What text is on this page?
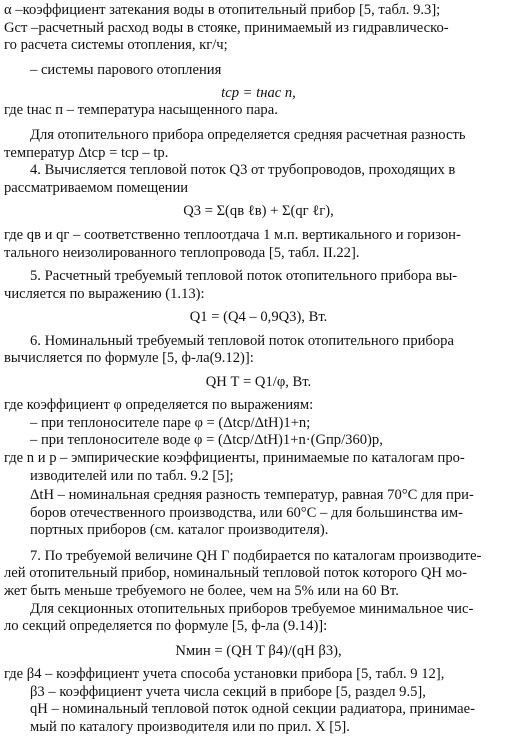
α –коэффициент затекания воды в отопительный прибор [5, табл. 9.3];
Gст –расчетный расход воды в стояке, принимаемый из гидравлическо-
го расчета системы отопления, кг/ч;
– системы парового отопления
tср = tнас п,
где tнас п – температура насыщенного пара.
Для отопительного прибора определяется средняя расчетная разность
температур Δtср = tср – tр.
4. Вычисляется тепловой поток Q3 от трубопроводов, проходящих в
рассматриваемом помещении
Q3 = Σ(qв ℓв) + Σ(qг ℓг),
где qв и qг – соответственно теплоотдача 1 м.п. вертикального и горизон-
тального неизолированного теплопровода [5, табл. II.22].
5. Расчетный требуемый тепловой поток отопительного прибора вы-
числяется по выражению (1.13):
Q1 = (Q4 – 0,9Q3), Вт.
6. Номинальный требуемый тепловой поток отопительного прибора
вычисляется по формуле [5, ф-ла(9.12)]:
QН Т = Q1/φ, Вт.
где коэффициент φ определяется по выражениям:
– при теплоносителе паре φ = (Δtср/ΔtН)1+n;
– при теплоносителе воде φ = (Δtср/ΔtН)1+n·(Gпр/360)p,
где n и p – эмпирические коэффициенты, принимаемые по каталогам про-
изводителей или по табл. 9.2 [5];
ΔtН – номинальная средняя разность температур, равная 70°С для при-
боров отечественного производства, или 60°С – для большинства им-
портных приборов (см. каталог производителя).
7. По требуемой величине QН Г подбирается по каталогам производите-
лей отопительный прибор, номинальный тепловой поток которого QН мо-
жет быть меньше требуемого не более, чем на 5% или на 60 Вт.
Для секционных отопительных приборов требуемое минимальное чис-
ло секций определяется по формуле [5, ф-ла (9.14)]:
Nмин = (QН Т β4)/(qН β3),
где β4 – коэффициент учета способа установки прибора [5, табл. 9 12],
β3 – коэффициент учета числа секций в приборе [5, раздел 9.5],
qН – номинальный тепловой поток одной секции радиатора, принимае-
мый по каталогу производителя или по прил. Х [5].
